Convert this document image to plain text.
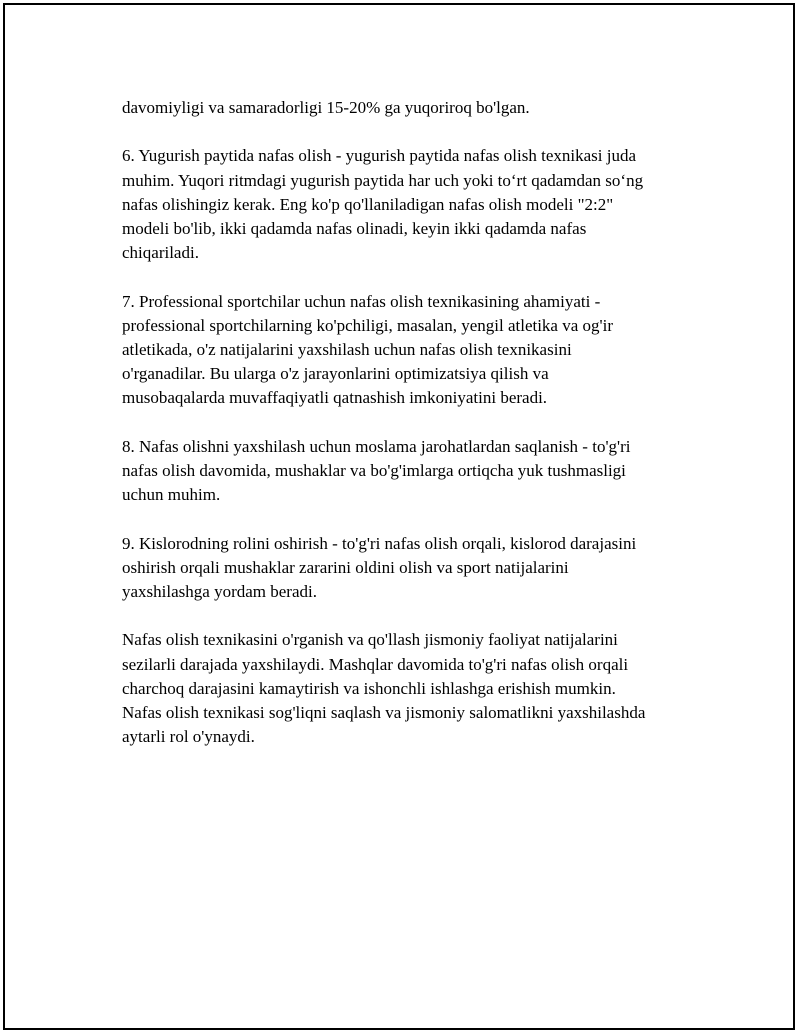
davomiyligi va samaradorligi 15-20% ga yuqoriroq bo'lgan.

6. Yugurish paytida nafas olish - yugurish paytida nafas olish texnikasi juda
muhim. Yuqori ritmdagi yugurish paytida har uch yoki to‘rt qadamdan so‘ng
nafas olishingiz kerak. Eng ko'p qo'llaniladigan nafas olish modeli "2:2"
modeli bo'lib, ikki qadamda nafas olinadi, keyin ikki qadamda nafas
chiqariladi.

7. Professional sportchilar uchun nafas olish texnikasining ahamiyati -
professional sportchilarning ko'pchiligi, masalan, yengil atletika va og'ir
atletikada, o'z natijalarini yaxshilash uchun nafas olish texnikasini
o'rganadilar. Bu ularga o'z jarayonlarini optimizatsiya qilish va
musobaqalarda muvaffaqiyatli qatnashish imkoniyatini beradi.

8. Nafas olishni yaxshilash uchun moslama jarohatlardan saqlanish - to'g'ri
nafas olish davomida, mushaklar va bo'g'imlarga ortiqcha yuk tushmasligi
uchun muhim.

9. Kislorodning rolini oshirish - to'g'ri nafas olish orqali, kislorod darajasini
oshirish orqali mushaklar zararini oldini olish va sport natijalarini
yaxshilashga yordam beradi.

Nafas olish texnikasini o'rganish va qo'llash jismoniy faoliyat natijalarini
sezilarli darajada yaxshilaydi. Mashqlar davomida to'g'ri nafas olish orqali
charchoq darajasini kamaytirish va ishonchli ishlashga erishish mumkin.
Nafas olish texnikasi sog'liqni saqlash va jismoniy salomatlikni yaxshilashda
aytarli rol o'ynaydi.
